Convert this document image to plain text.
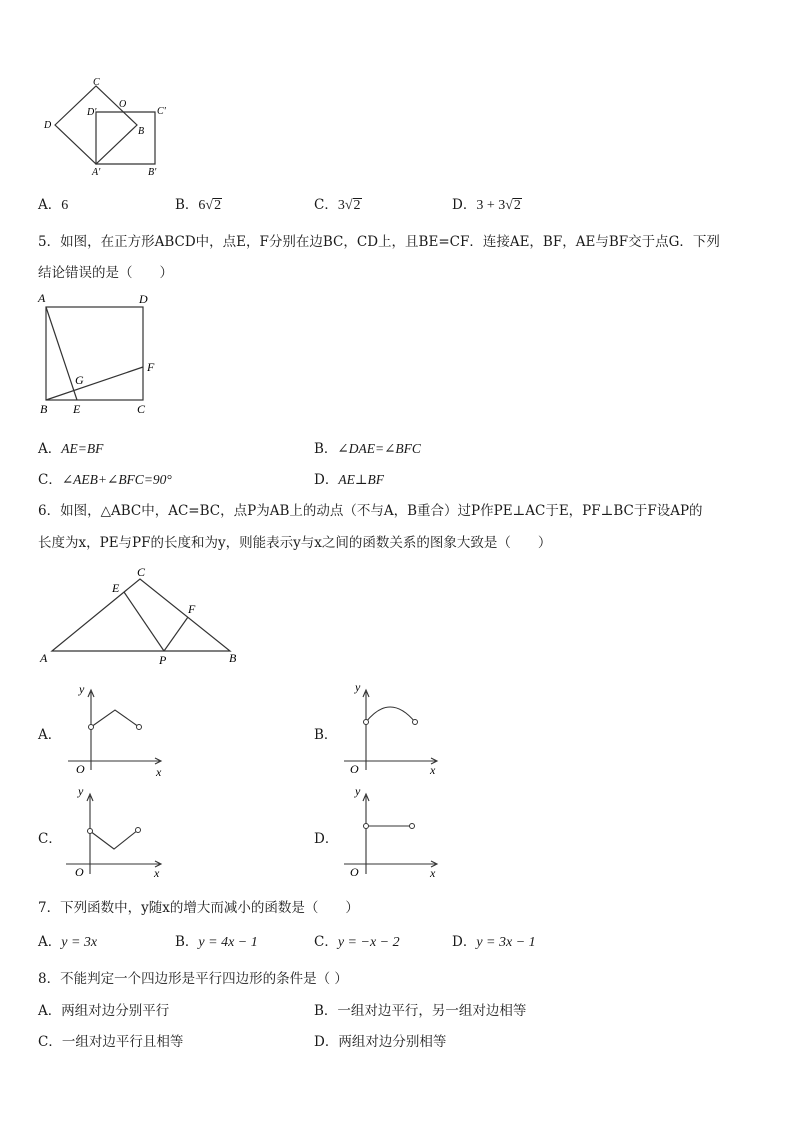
C
D'
O
C'
D
B
A'	B'
A．6	B．6√2	C．3√2	D．3 + 3√2
5．如图，在正方形ABCD中，点E，F分别在边BC，CD上，且BE=CF．连接AE，BF，AE与BF交于点G．下列
结论错误的是（　　）
A	D
F
G
B E	C
A．AE=BF	B．∠DAE=∠BFC
C．∠AEB+∠BFC=90°	D．AE⊥BF
6．如图，△ABC中，AC=BC，点P为AB上的动点（不与A，B重合）过P作PE⊥AC于E，PF⊥BC于F设AP的
长度为x，PE与PF的长度和为y，则能表示y与x之间的函数关系的图象大致是（　　）
C
E
F
A	P	B
A．
y
x
O
B．
y
x
O
C．
y
x
O
D．
y
x
O
7．下列函数中，y随x的增大而减小的函数是（　　）
A．y = 3x	B．y = 4x − 1	C．y = −x − 2	D．y = 3x − 1
8．不能判定一个四边形是平行四边形的条件是（ ）
A．两组对边分别平行	B．一组对边平行，另一组对边相等
C．一组对边平行且相等	D．两组对边分别相等
